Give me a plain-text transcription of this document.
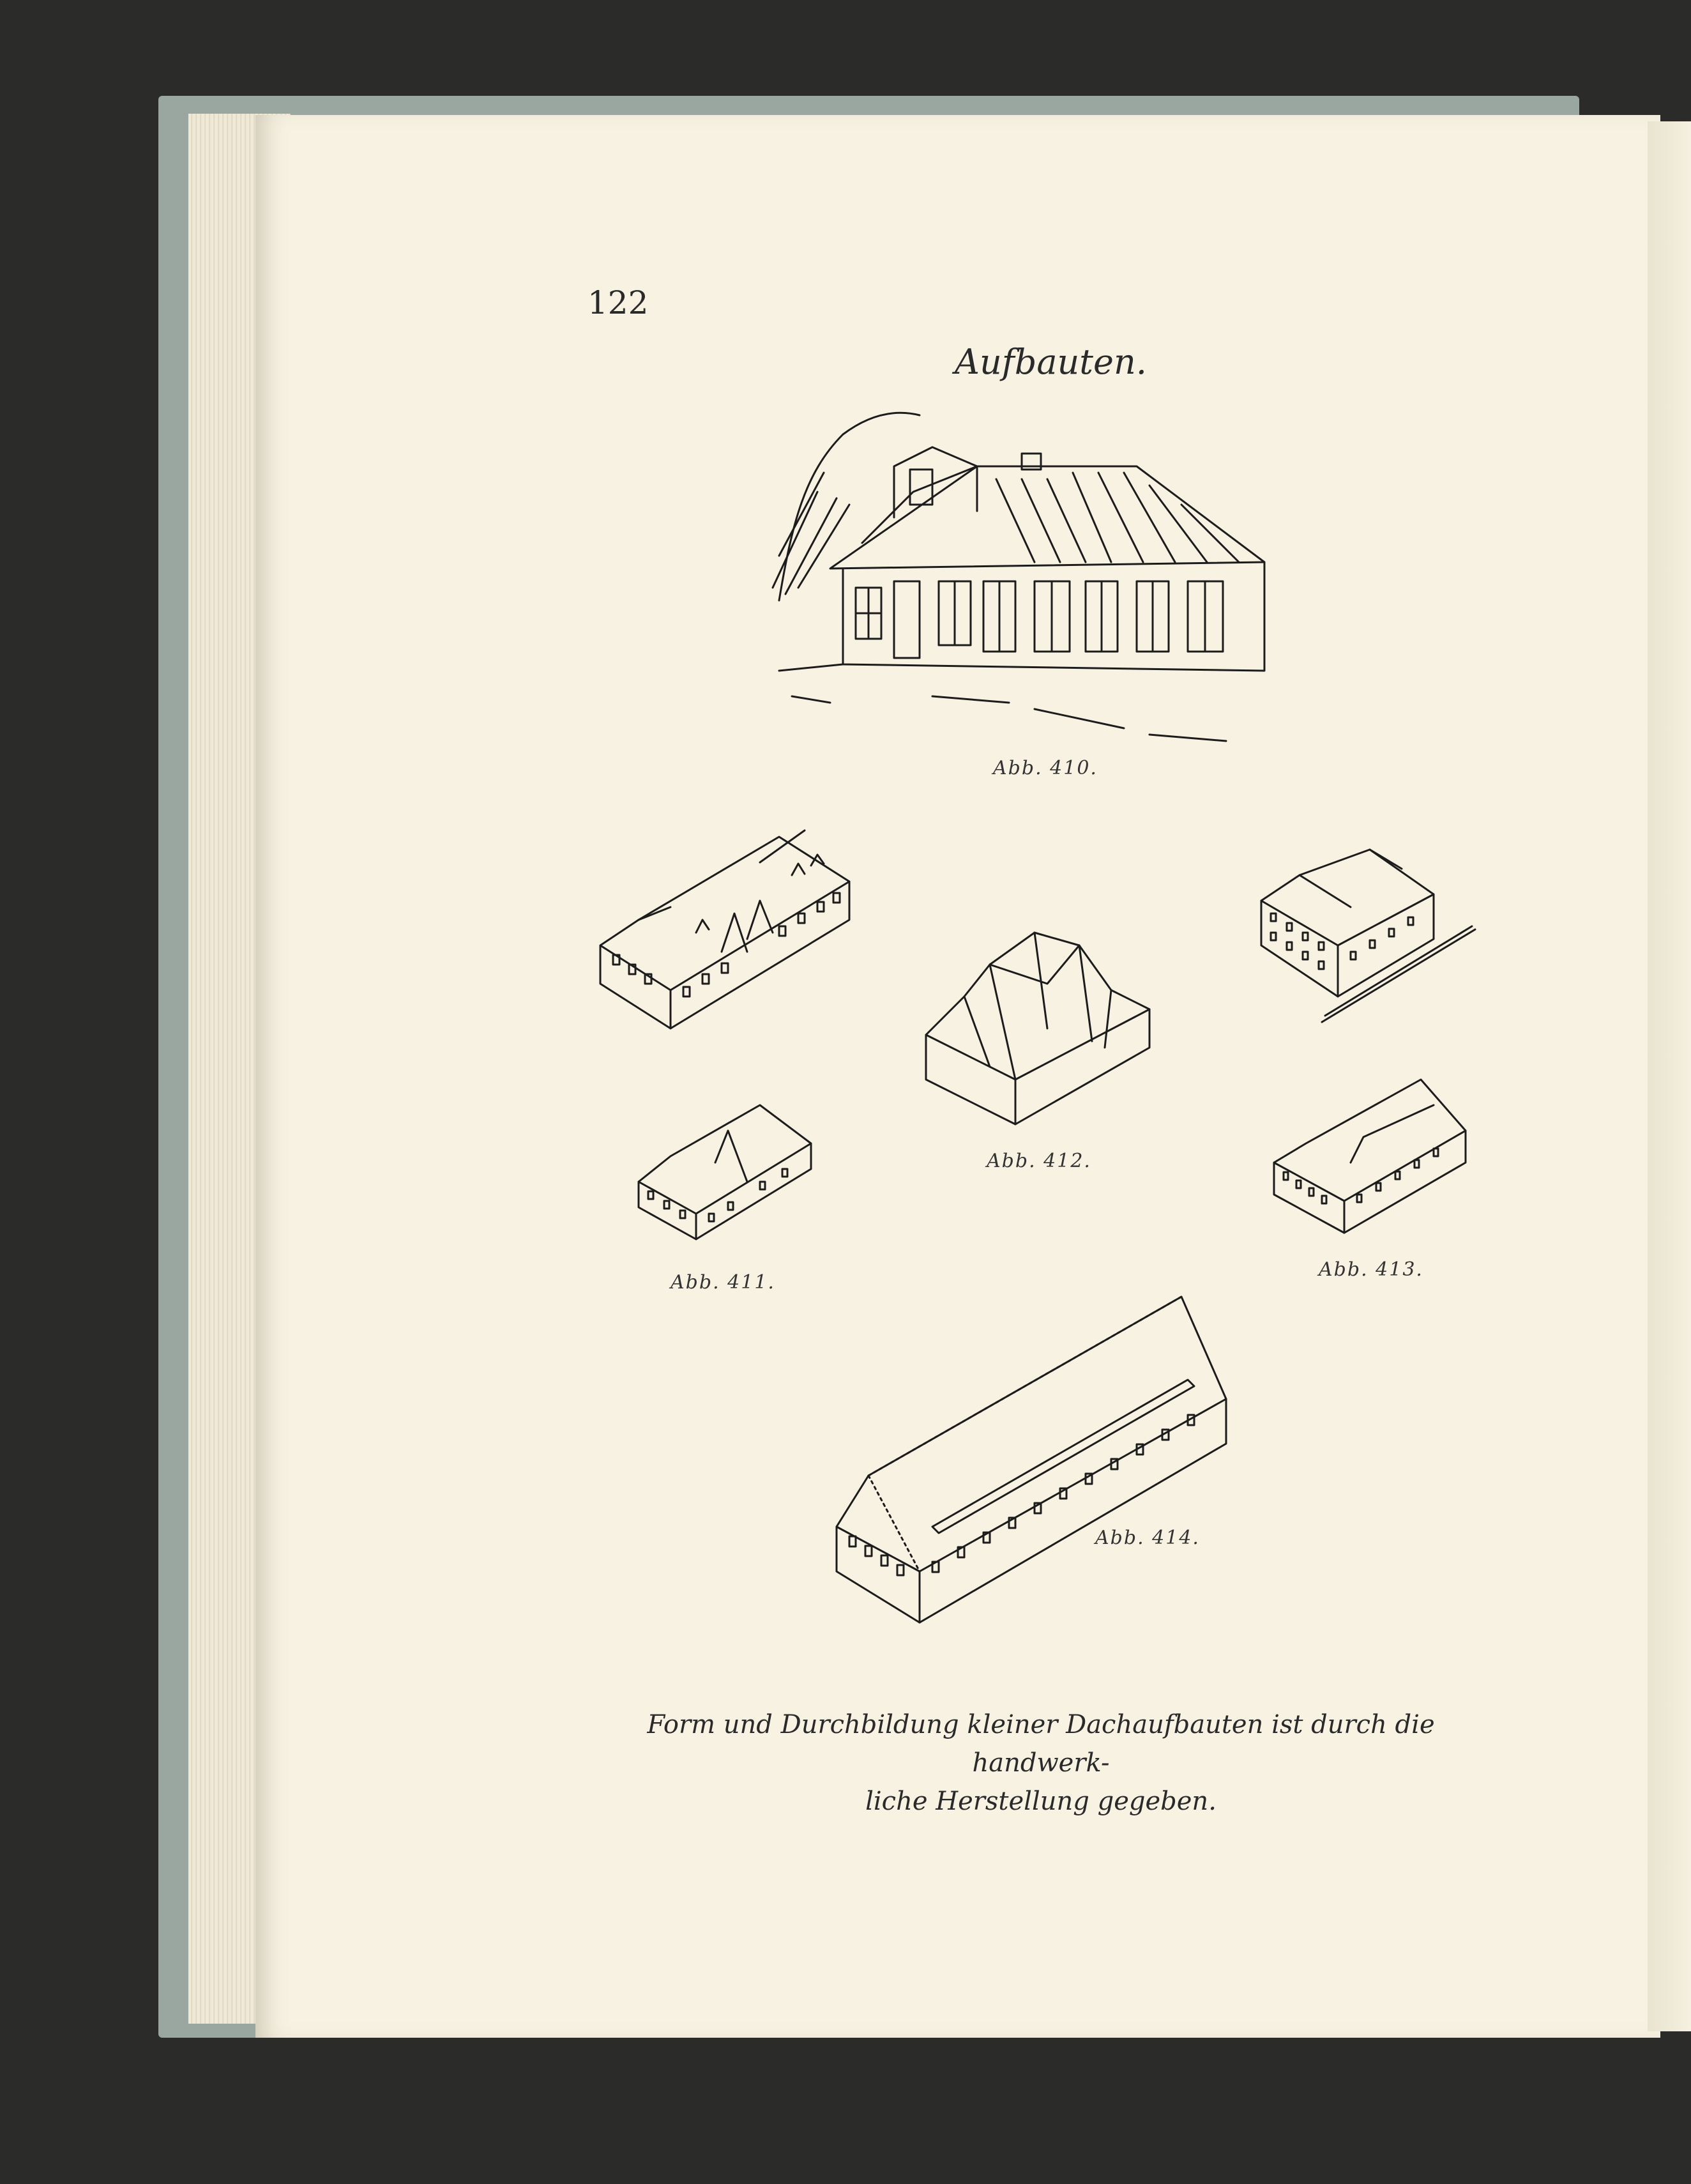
122
Aufbauten.
Abb. 410.
Abb. 412.
Abb. 411.
Abb. 413.
Abb. 414.
Form und Durchbildung kleiner Dachaufbauten ist durch die handwerk-
liche Herstellung gegeben.
